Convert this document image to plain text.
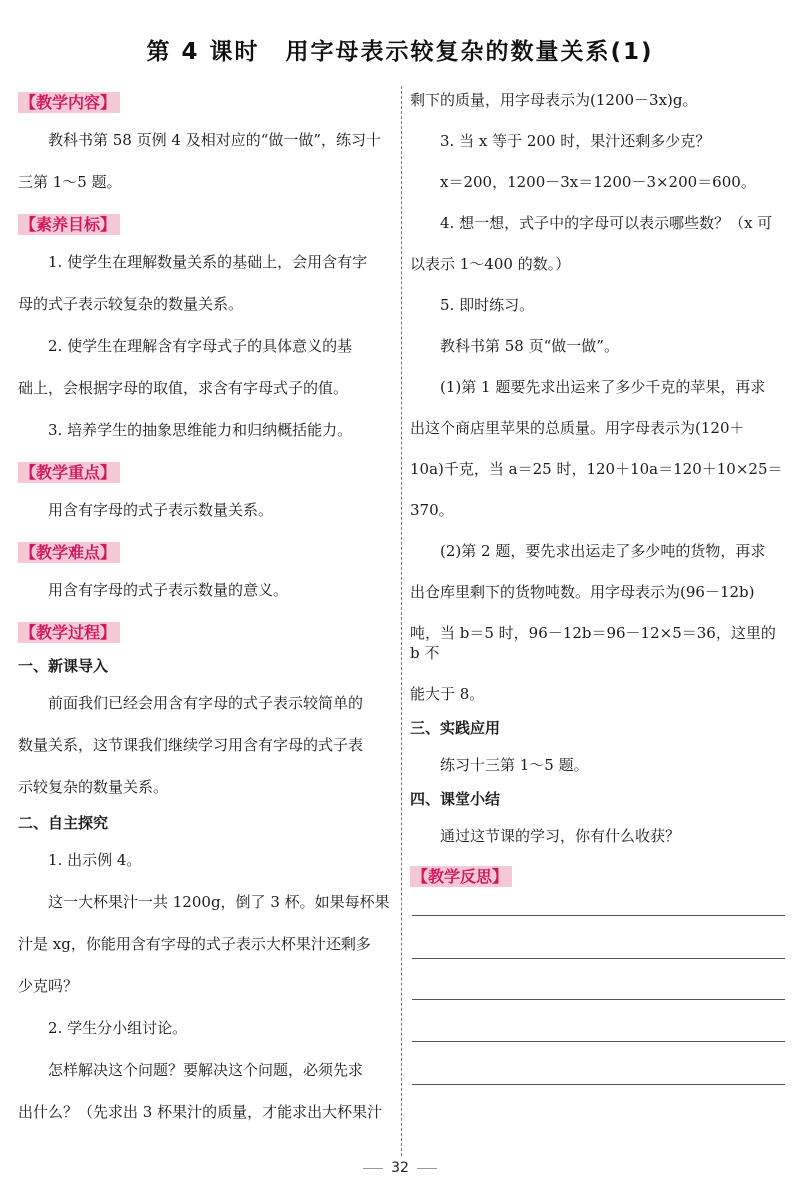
第 4 课时 用字母表示较复杂的数量关系(1)
【教学内容】
教科书第 58 页例 4 及相对应的“做一做”，练习十
三第 1～5 题。
【素养目标】
1. 使学生在理解数量关系的基础上，会用含有字
母的式子表示较复杂的数量关系。
2. 使学生在理解含有字母式子的具体意义的基
础上，会根据字母的取值，求含有字母式子的值。
3. 培养学生的抽象思维能力和归纳概括能力。
【教学重点】
用含有字母的式子表示数量关系。
【教学难点】
用含有字母的式子表示数量的意义。
【教学过程】
一、新课导入
前面我们已经会用含有字母的式子表示较简单的
数量关系，这节课我们继续学习用含有字母的式子表
示较复杂的数量关系。
二、自主探究
1. 出示例 4。
这一大杯果汁一共 1200g，倒了 3 杯。如果每杯果
汁是 xg，你能用含有字母的式子表示大杯果汁还剩多
少克吗？
2. 学生分小组讨论。
怎样解决这个问题？要解决这个问题，必须先求
出什么？（先求出 3 杯果汁的质量，才能求出大杯果汁
剩下的质量，用字母表示为(1200－3x)g。
3. 当 x 等于 200 时，果汁还剩多少克？
x＝200，1200－3x＝1200－3×200＝600。
4. 想一想，式子中的字母可以表示哪些数？（x 可
以表示 1～400 的数。）
5. 即时练习。
教科书第 58 页“做一做”。
(1)第 1 题要先求出运来了多少千克的苹果，再求
出这个商店里苹果的总质量。用字母表示为(120＋
10a)千克，当 a＝25 时，120＋10a＝120＋10×25＝
370。
(2)第 2 题，要先求出运走了多少吨的货物，再求
出仓库里剩下的货物吨数。用字母表示为(96－12b)
吨，当 b＝5 时，96－12b＝96－12×5＝36，这里的 b 不
能大于 8。
三、实践应用
练习十三第 1～5 题。
四、课堂小结
通过这节课的学习，你有什么收获？
【教学反思】
32
